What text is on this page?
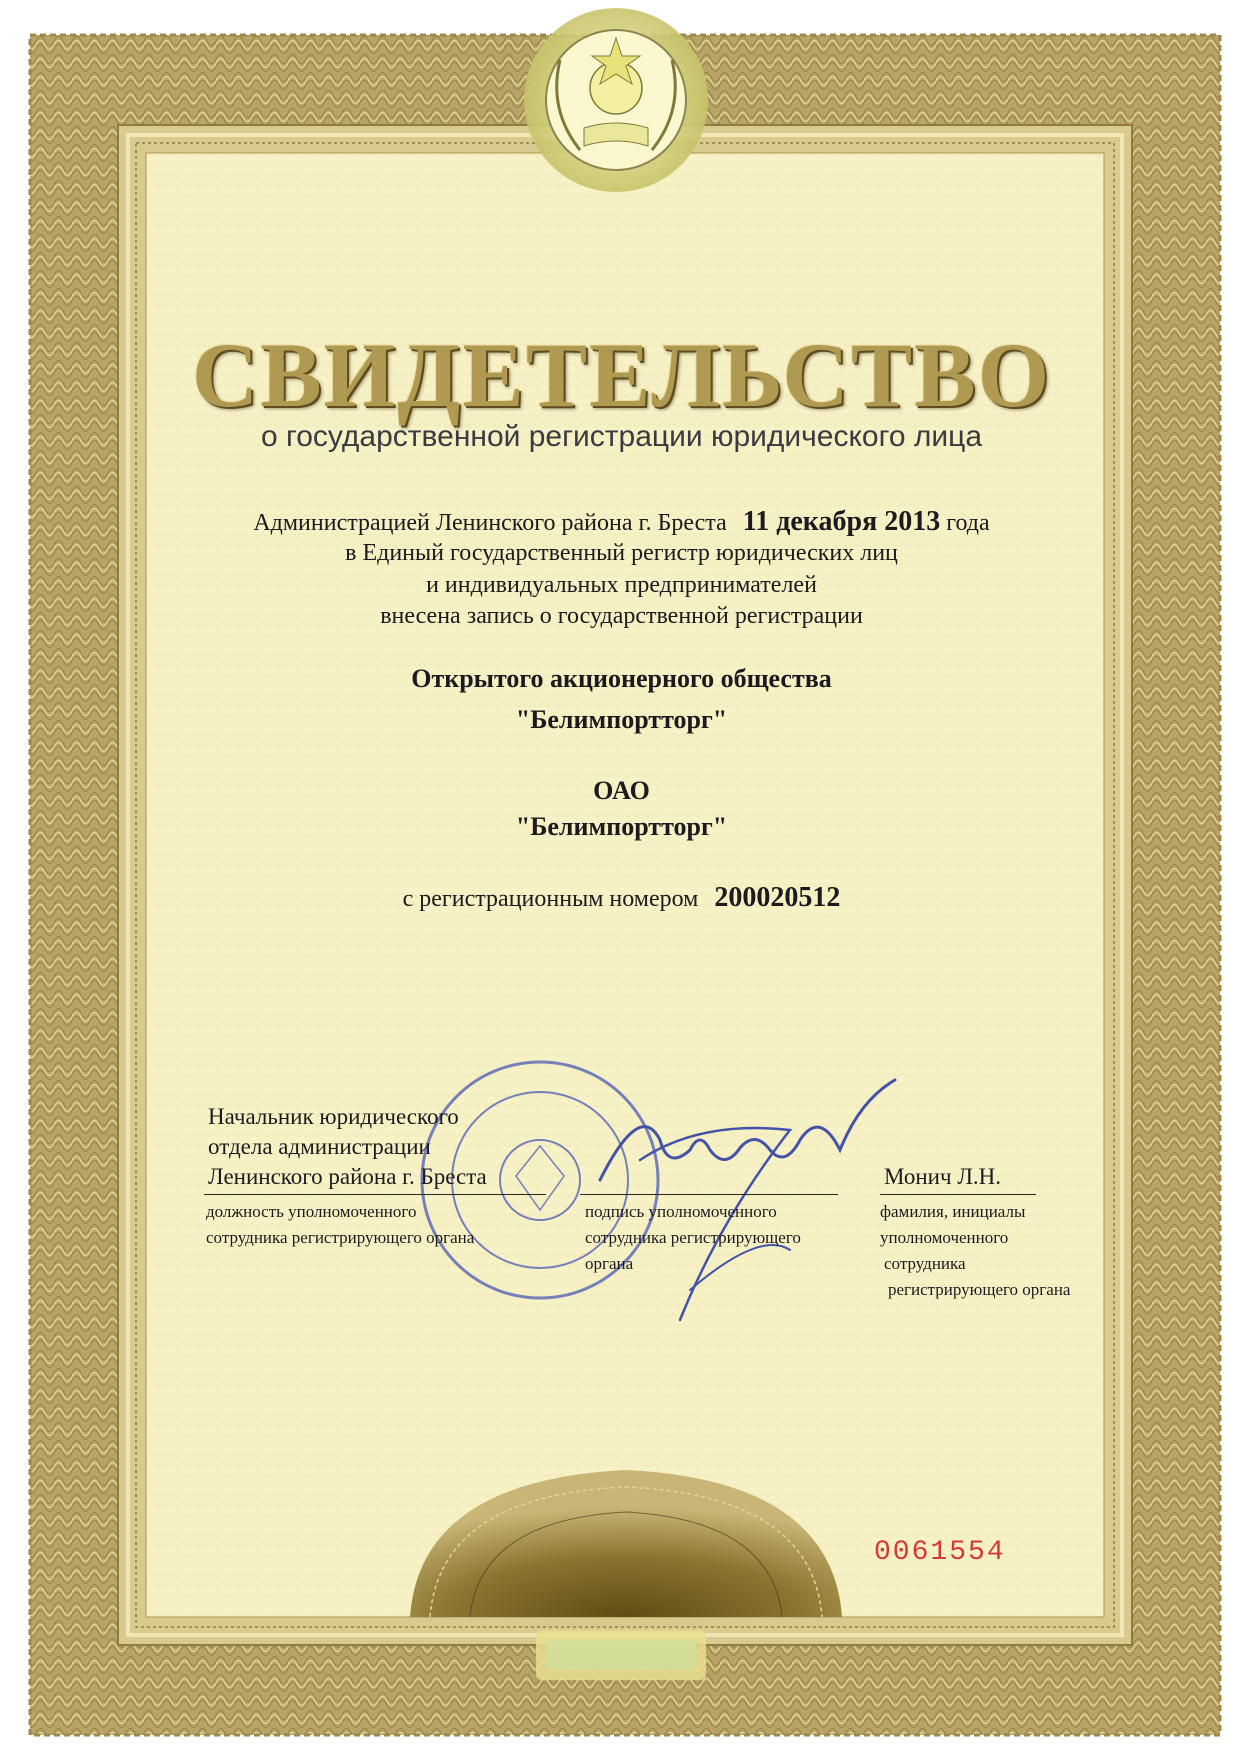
СВИДЕТЕЛЬСТВО
о государственной регистрации юридического лица
Администрацией Ленинского района г. Бреста 11 декабря 2013 года
в Единый государственный регистр юридических лиц
и индивидуальных предпринимателей
внесена запись о государственной регистрации
Открытого акционерного общества
"Белимпортторг"
ОАО
"Белимпортторг"
с регистрационным номером 200020512
Начальник юридического
отдела администрации
Ленинского района г. Бреста	Монич Л.Н.
должность уполномоченного
сотрудника регистрирующего органа
подпись уполномоченного
сотрудника регистрирующего
органа
фамилия, инициалы
уполномоченного
сотрудника
регистрирующего органа
0061554
